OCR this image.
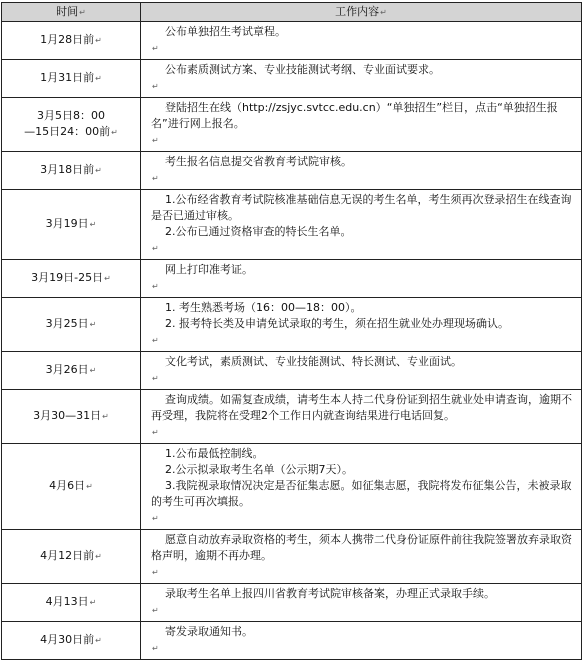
时间↵	工作内容↵

1月28日前↵	公布单独招生考试章程。
↵

1月31日前↵	公布素质测试方案、专业技能测试考纲、专业面试要求。
↵

3月5日8：00
—15日24：00前↵	登陆招生在线（http://zsjyc.svtcc.edu.cn）“单独招生”栏目，点击“单独招生报名”进行网上报名。
↵

3月18日前↵	考生报名信息提交省教育考试院审核。
↵

3月19日↵	1.公布经省教育考试院核准基础信息无误的考生名单，考生须再次登录招生在线查询是否已通过审核。
2.公布已通过资格审查的特长生名单。
↵

3月19日-25日↵	网上打印准考证。
↵

3月25日↵	1. 考生熟悉考场（16：00—18：00）。
2. 报考特长类及申请免试录取的考生，须在招生就业处办理现场确认。
↵

3月26日↵	文化考试，素质测试、专业技能测试、特长测试、专业面试。
↵

3月30—31日↵	查询成绩。如需复查成绩，请考生本人持二代身份证到招生就业处申请查询，逾期不再受理，我院将在受理2个工作日内就查询结果进行电话回复。
↵

4月6日↵	1.公布最低控制线。
2.公示拟录取考生名单（公示期7天）。
3.我院视录取情况决定是否征集志愿。如征集志愿，我院将发布征集公告，未被录取的考生可再次填报。
↵

4月12日前↵	愿意自动放弃录取资格的考生，须本人携带二代身份证原件前往我院签署放弃录取资格声明，逾期不再办理。
↵

4月13日↵	录取考生名单上报四川省教育考试院审核备案，办理正式录取手续。
↵

4月30日前↵	寄发录取通知书。
↵
